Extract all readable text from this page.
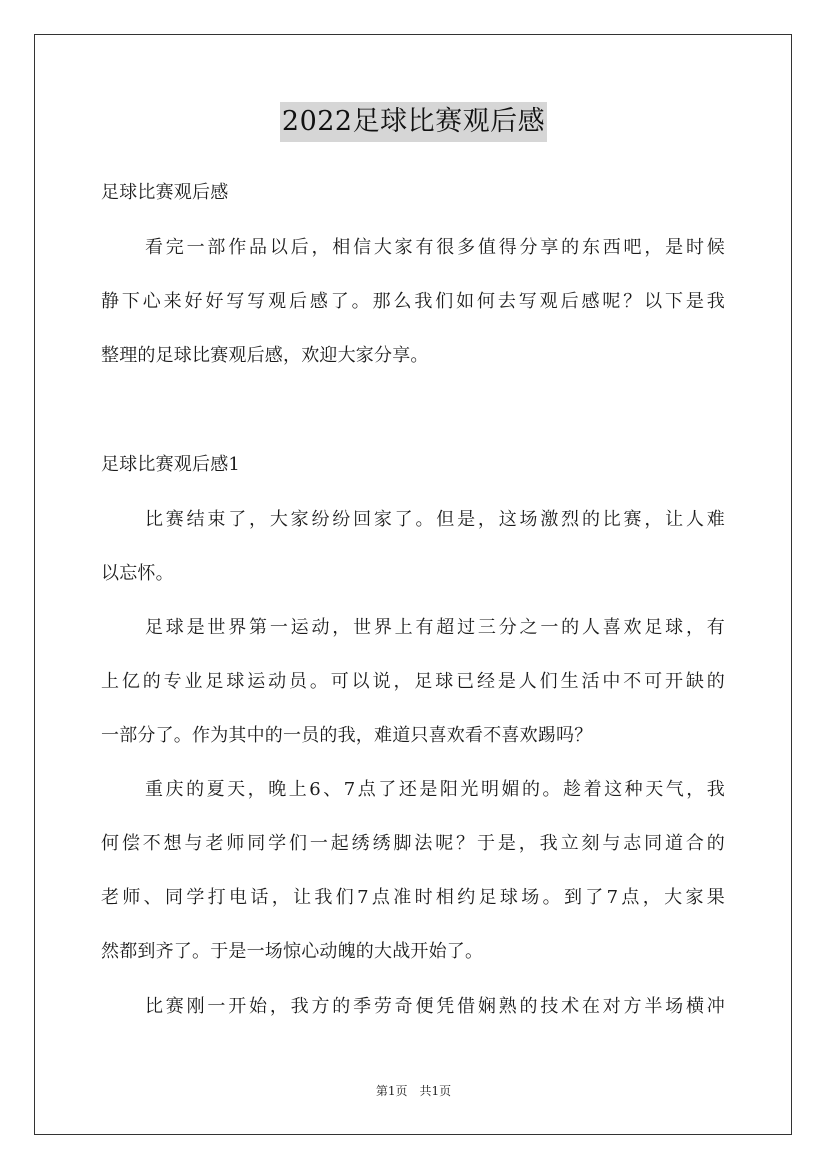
2022足球比赛观后感
足球比赛观后感
看完一部作品以后，相信大家有很多值得分享的东西吧，是时候
静下心来好好写写观后感了。那么我们如何去写观后感呢？以下是我
整理的足球比赛观后感，欢迎大家分享。
足球比赛观后感1
比赛结束了，大家纷纷回家了。但是，这场激烈的比赛，让人难
以忘怀。
足球是世界第一运动，世界上有超过三分之一的人喜欢足球，有
上亿的专业足球运动员。可以说，足球已经是人们生活中不可开缺的
一部分了。作为其中的一员的我，难道只喜欢看不喜欢踢吗？
重庆的夏天，晚上6、7点了还是阳光明媚的。趁着这种天气，我
何偿不想与老师同学们一起绣绣脚法呢？于是，我立刻与志同道合的
老师、同学打电话，让我们7点准时相约足球场。到了7点，大家果
然都到齐了。于是一场惊心动魄的大战开始了。
比赛刚一开始，我方的季劳奇便凭借娴熟的技术在对方半场横冲
第1页　共1页
